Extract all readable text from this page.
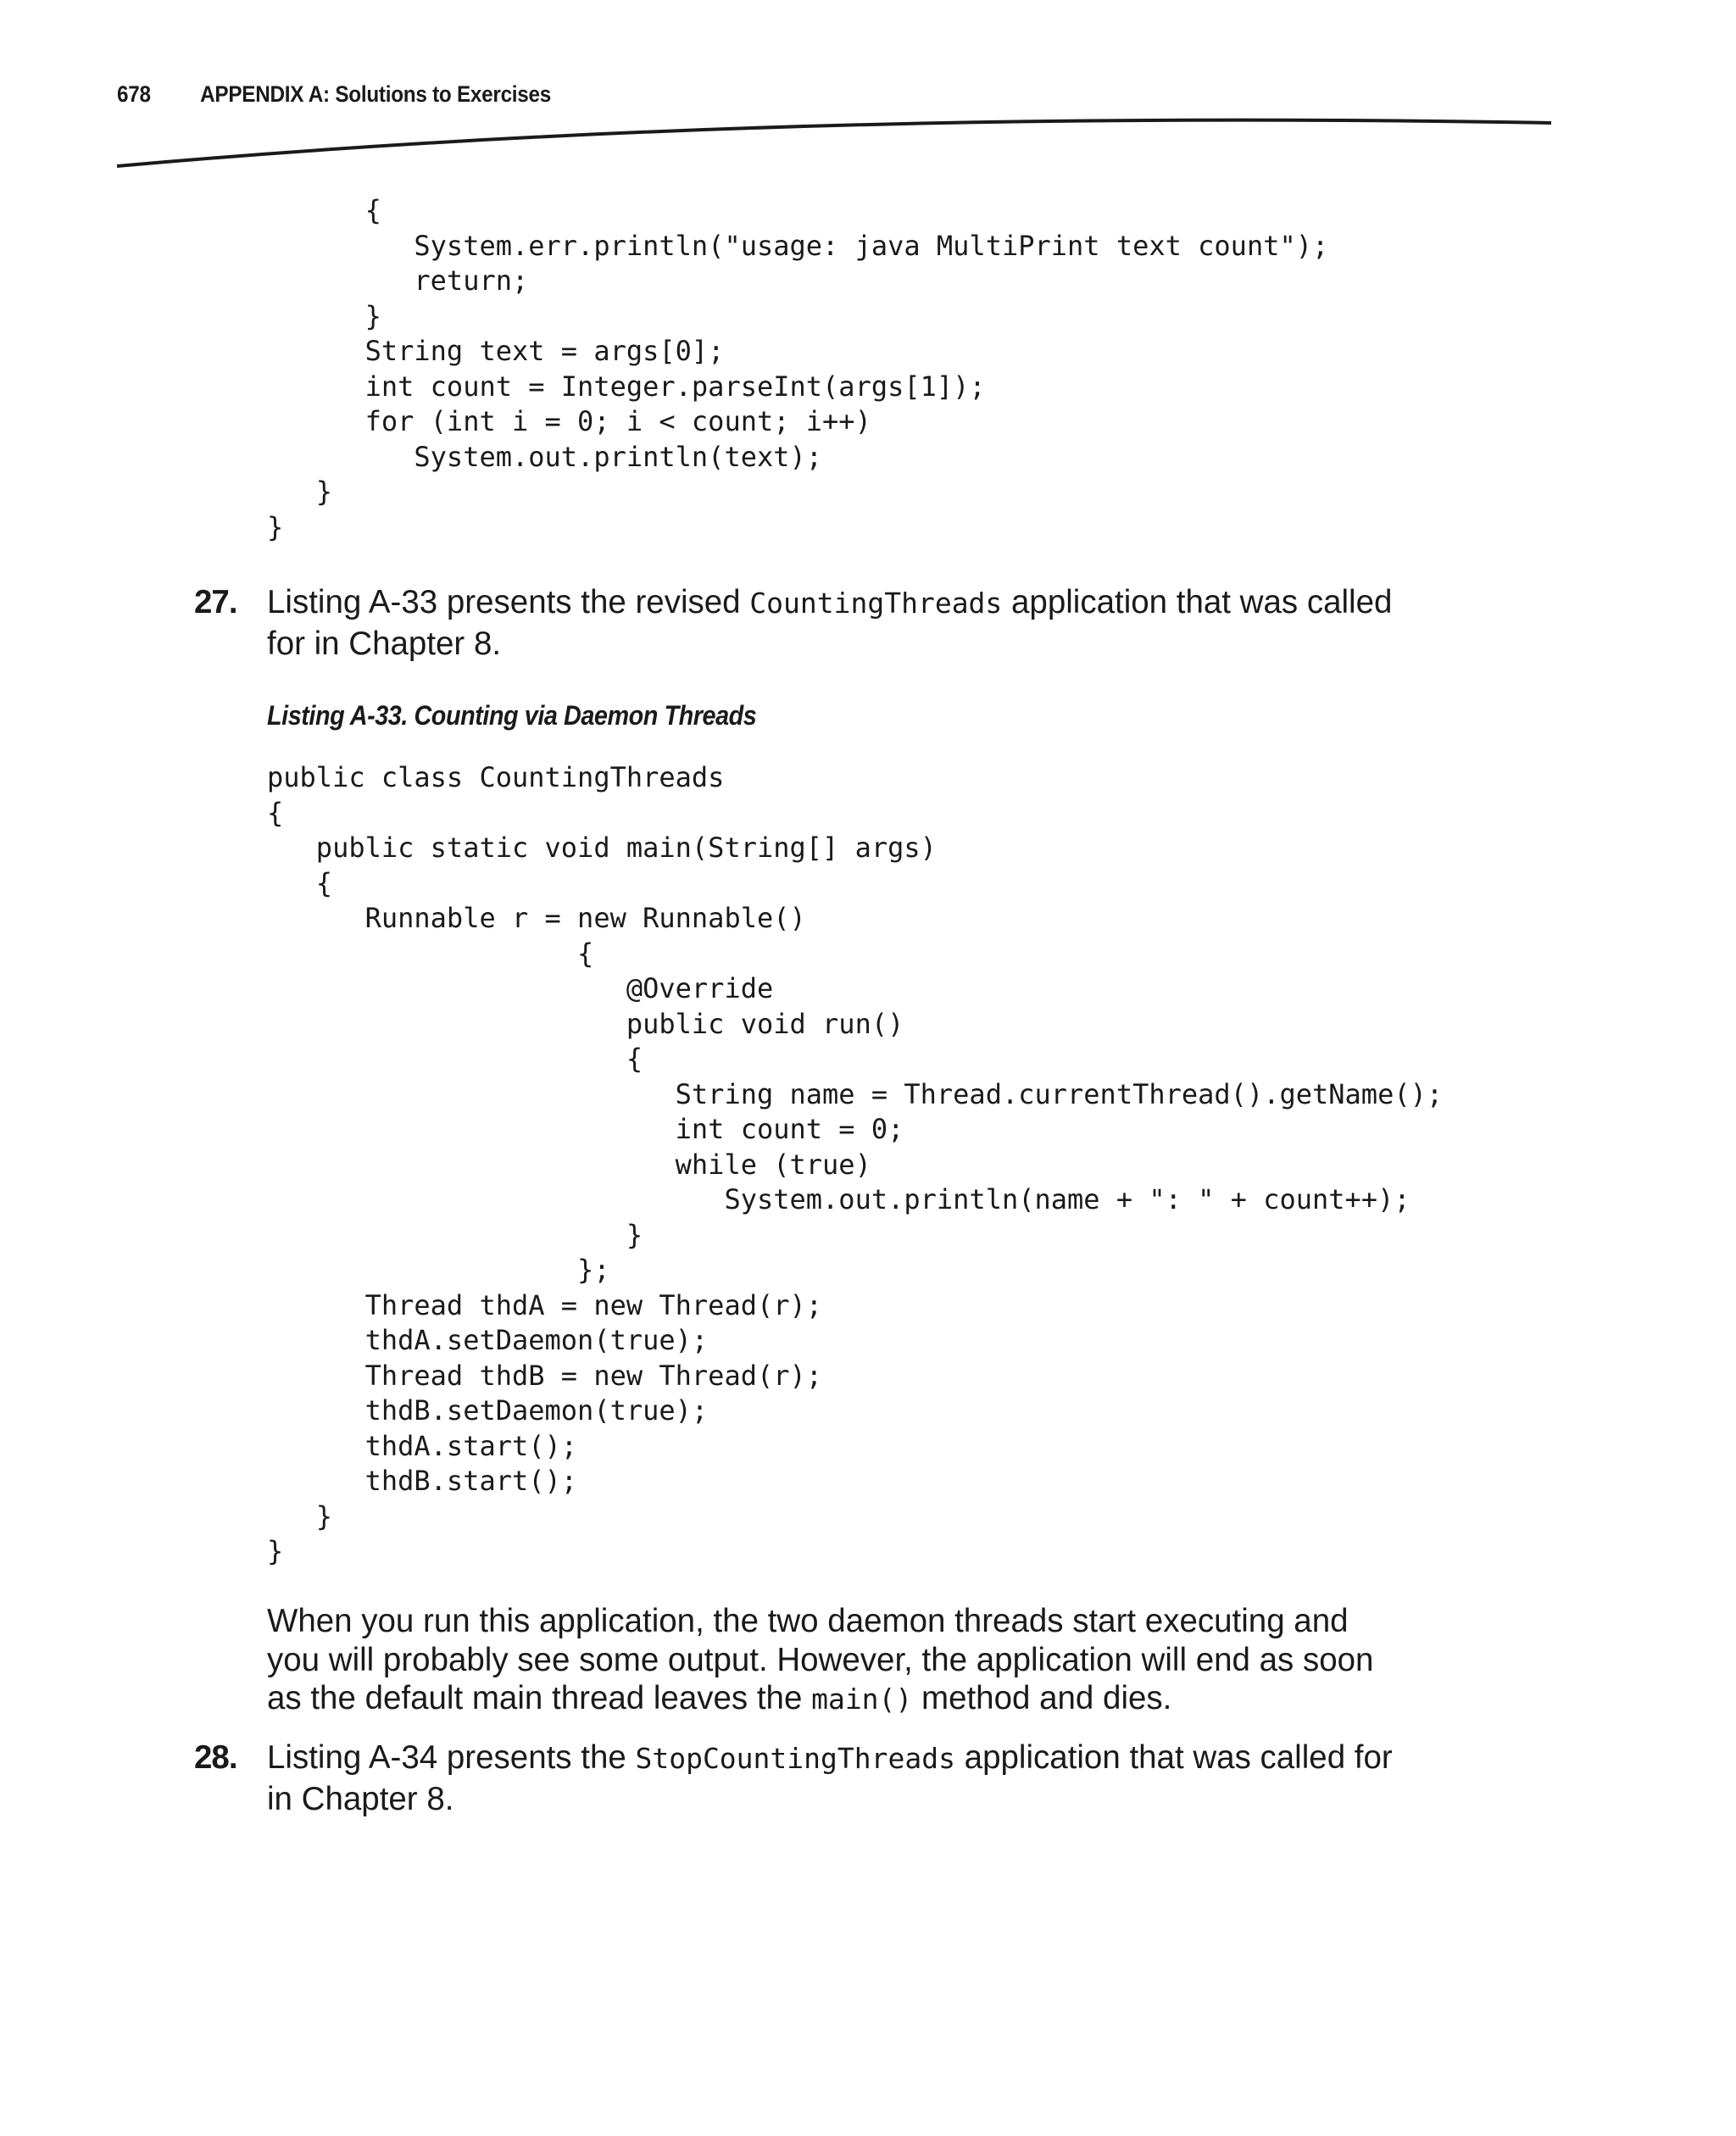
678	APPENDIX A: Solutions to Exercises
{
System.err.println("usage: java MultiPrint text count");
return;
}
String text = args[0];
int count = Integer.parseInt(args[1]);
for (int i = 0; i < count; i++)
System.out.println(text);
}
}
27. Listing A-33 presents the revised CountingThreads application that was called for in Chapter 8.
Listing A-33. Counting via Daemon Threads
public class CountingThreads
{
public static void main(String[] args)
{
Runnable r = new Runnable()
{
@Override
public void run()
{
String name = Thread.currentThread().getName();
int count = 0;
while (true)
System.out.println(name + ": " + count++);
}
};
Thread thdA = new Thread(r);
thdA.setDaemon(true);
Thread thdB = new Thread(r);
thdB.setDaemon(true);
thdA.start();
thdB.start();
}
}
When you run this application, the two daemon threads start executing and you will probably see some output. However, the application will end as soon as the default main thread leaves the main() method and dies.
28. Listing A-34 presents the StopCountingThreads application that was called for in Chapter 8.
